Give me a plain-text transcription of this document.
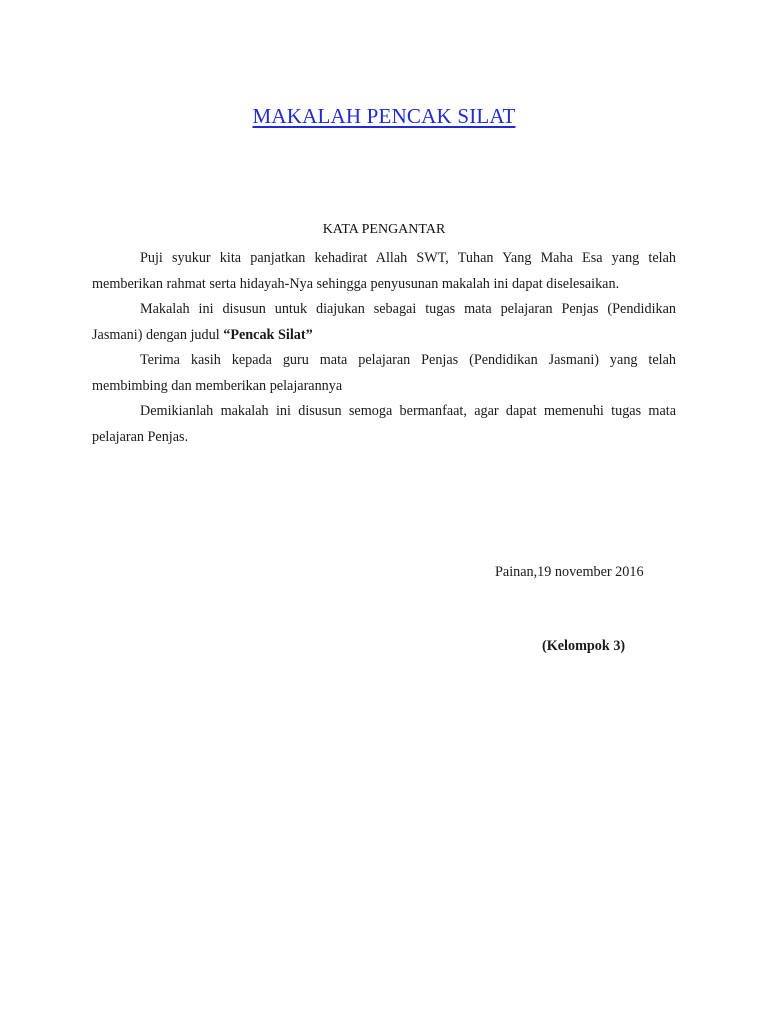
MAKALAH PENCAK SILAT
KATA PENGANTAR

Puji syukur kita panjatkan kehadirat Allah SWT, Tuhan Yang Maha Esa yang telah memberikan rahmat serta hidayah-Nya sehingga penyusunan makalah ini dapat diselesaikan.

Makalah ini disusun untuk diajukan sebagai tugas mata pelajaran Penjas (Pendidikan Jasmani) dengan judul “Pencak Silat”

Terima kasih kepada guru mata pelajaran Penjas (Pendidikan Jasmani) yang telah membimbing dan memberikan pelajarannya

Demikianlah makalah ini disusun semoga bermanfaat, agar dapat memenuhi tugas mata pelajaran Penjas.

Painan,19 november 2016
(Kelompok 3)
